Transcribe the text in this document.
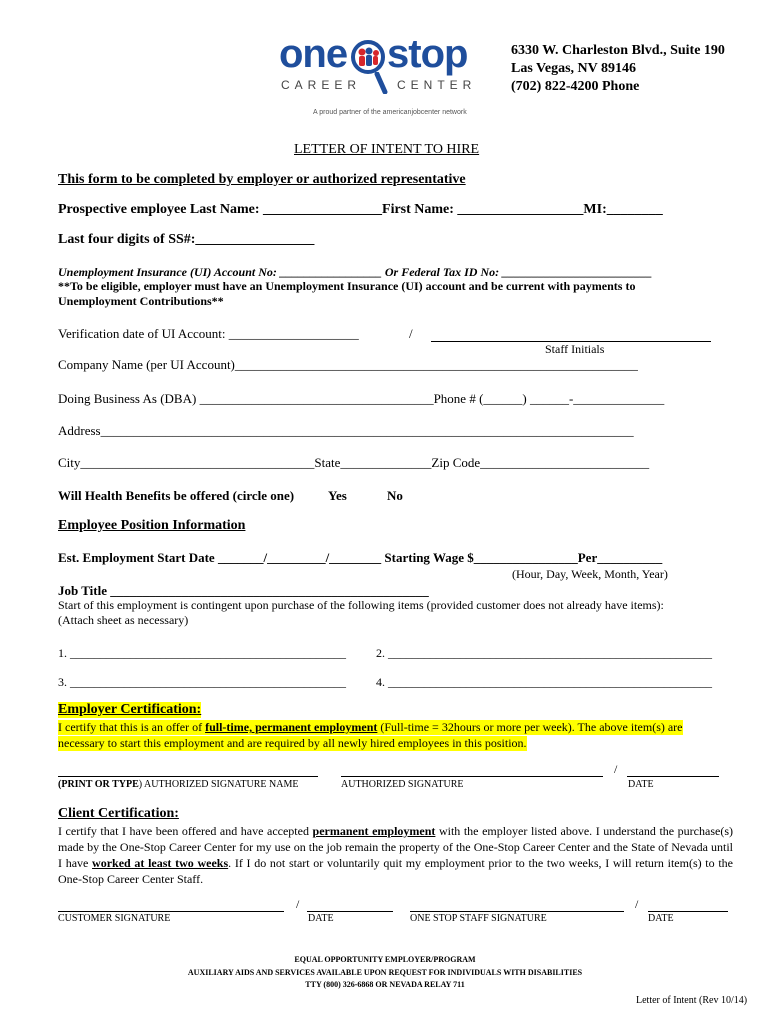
one stop
CAREER	CENTER
A proud partner of the americanjobcenter network
6330 W. Charleston Blvd., Suite 190
Las Vegas, NV 89146
(702) 822-4200 Phone
LETTER OF INTENT TO HIRE
This form to be completed by employer or authorized representative
Prospective employee Last Name: _________________First Name: __________________MI:________
Last four digits of SS#:_________________
Unemployment Insurance (UI) Account No: _________________ Or Federal Tax ID No: _________________________
**To be eligible, employer must have an Unemployment Insurance (UI) account and be current with payments to
Unemployment Contributions**
Verification date of UI Account: ____________________	/
Staff Initials
Company Name (per UI Account)______________________________________________________________
Doing Business As (DBA) ____________________________________Phone # (______) ______-______________
Address__________________________________________________________________________________
City____________________________________State______________Zip Code__________________________
Will Health Benefits be offered (circle one)	Yes	No
Employee Position Information
Est. Employment Start Date _______/_________/________ Starting Wage $________________Per__________
(Hour, Day, Week, Month, Year)
Job Title _________________________________________________
Start of this employment is contingent upon purchase of the following items (provided customer does not already have items):
(Attach sheet as necessary)
1. ______________________________________________	2. ______________________________________________________
3. ______________________________________________	4. ______________________________________________________
Employer Certification:
I certify that this is an offer of full-time, permanent employment (Full-time = 32hours or more per week). The above item(s) are
necessary to start this employment and are required by all newly hired employees in this position.
/
(PRINT OR TYPE) AUTHORIZED SIGNATURE NAME	AUTHORIZED SIGNATURE	DATE
Client Certification:
I certify that I have been offered and have accepted permanent employment with the employer listed above. I understand the purchase(s) made by the One-Stop Career Center for my use on the job remain the property of the One-Stop Career Center and the State of Nevada until I have worked at least two weeks. If I do not start or voluntarily quit my employment prior to the two weeks, I will return item(s) to the One-Stop Career Center Staff.
/	/
CUSTOMER SIGNATURE	DATE	ONE STOP STAFF SIGNATURE	DATE
EQUAL OPPORTUNITY EMPLOYER/PROGRAM
AUXILIARY AIDS AND SERVICES AVAILABLE UPON REQUEST FOR INDIVIDUALS WITH DISABILITIES
TTY (800) 326-6868 OR NEVADA RELAY 711
Letter of Intent (Rev 10/14)
